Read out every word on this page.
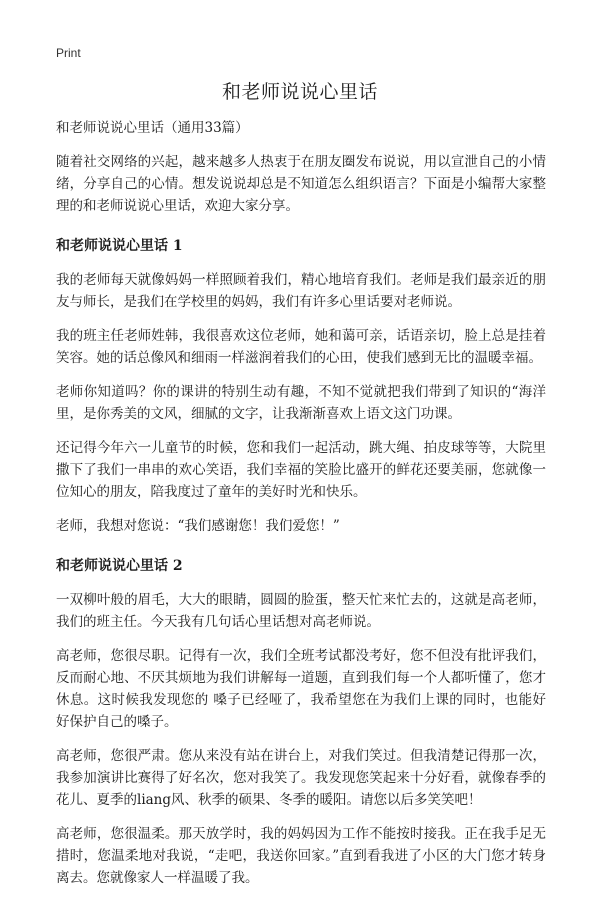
Print
和老师说说心里话
和老师说说心里话（通用33篇）

随着社交网络的兴起，越来越多人热衷于在朋友圈发布说说，用以宣泄自己的小情绪，分享自己的心情。想发说说却总是不知道怎么组织语言？下面是小编帮大家整理的和老师说说心里话，欢迎大家分享。

和老师说说心里话 1

我的老师每天就像妈妈一样照顾着我们，精心地培育我们。老师是我们最亲近的朋友与师长，是我们在学校里的妈妈，我们有许多心里话要对老师说。

我的班主任老师姓韩，我很喜欢这位老师，她和蔼可亲，话语亲切，脸上总是挂着笑容。她的话总像风和细雨一样滋润着我们的心田，使我们感到无比的温暖幸福。

老师你知道吗？你的课讲的特别生动有趣，不知不觉就把我们带到了知识的“海洋里，是你秀美的文风，细腻的文字，让我渐渐喜欢上语文这门功课。

还记得今年六一儿童节的时候，您和我们一起活动，跳大绳、拍皮球等等，大院里撒下了我们一串串的欢心笑语，我们幸福的笑脸比盛开的鲜花还要美丽，您就像一位知心的朋友，陪我度过了童年的美好时光和快乐。

老师，我想对您说：“我们感谢您！我们爱您！”

和老师说说心里话 2

一双柳叶般的眉毛，大大的眼睛，圆圆的脸蛋，整天忙来忙去的，这就是高老师，我们的班主任。今天我有几句话心里话想对高老师说。

高老师，您很尽职。记得有一次，我们全班考试都没考好，您不但没有批评我们，反而耐心地、不厌其烦地为我们讲解每一道题，直到我们每一个人都听懂了，您才休息。这时候我发现您的 嗓子已经哑了，我希望您在为我们上课的同时，也能好好保护自己的嗓子。

高老师，您很严肃。您从来没有站在讲台上，对我们笑过。但我清楚记得那一次，我参加演讲比赛得了好名次，您对我笑了。我发现您笑起来十分好看，就像春季的花儿、夏季的liang风、秋季的硕果、冬季的暖阳。请您以后多笑笑吧！

高老师，您很温柔。那天放学时，我的妈妈因为工作不能按时接我。正在我手足无措时，您温柔地对我说，“走吧，我送你回家。”直到看我进了小区的大门您才转身离去。您就像家人一样温暖了我。
